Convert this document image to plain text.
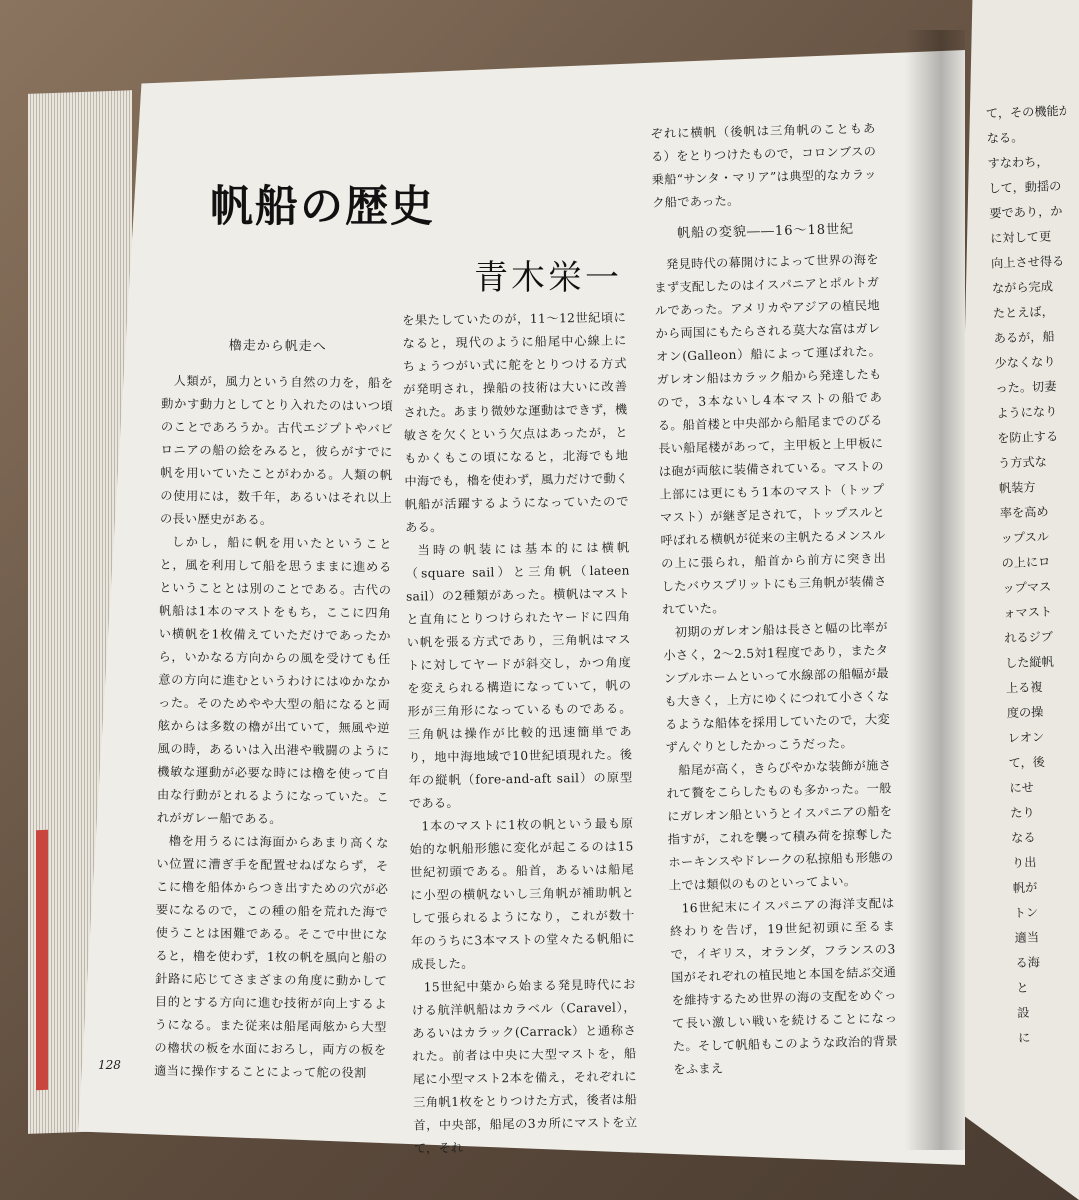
帆船の歴史
青木栄一
櫓走から帆走へ

人類が，風力という自然の力を，船を動かす動力としてとり入れたのはいつ頃のことであろうか。古代エジプトやバビロニアの船の絵をみると，彼らがすでに帆を用いていたことがわかる。人類の帆の使用には，数千年，あるいはそれ以上の長い歴史がある。

しかし，船に帆を用いたということと，風を利用して船を思うままに進めるということとは別のことである。古代の帆船は1本のマストをもち，ここに四角い横帆を1枚備えていただけであったから，いかなる方向からの風を受けても任意の方向に進むというわけにはゆかなかった。そのためやや大型の船になると両舷からは多数の櫓が出ていて，無風や逆風の時，あるいは入出港や戦闘のように機敏な運動が必要な時には櫓を使って自由な行動がとれるようになっていた。これがガレー船である。

櫓を用うるには海面からあまり高くない位置に漕ぎ手を配置せねばならず，そこに櫓を船体からつき出すための穴が必要になるので，この種の船を荒れた海で使うことは困難である。そこで中世になると，櫓を使わず，1枚の帆を風向と船の針路に応じてさまざまの角度に動かして目的とする方向に進む技術が向上するようになる。また従来は船尾両舷から大型の櫓状の板を水面におろし，両方の板を適当に操作することによって舵の役割

を果たしていたのが，11～12世紀頃になると，現代のように船尾中心線上にちょうつがい式に舵をとりつける方式が発明され，操船の技術は大いに改善された。あまり微妙な運動はできず，機敏さを欠くという欠点はあったが，ともかくもこの頃になると，北海でも地中海でも，櫓を使わず，風力だけで動く帆船が活躍するようになっていたのである。

当時の帆装には基本的には横帆（square sail）と三角帆（lateen sail）の2種類があった。横帆はマストと直角にとりつけられたヤードに四角い帆を張る方式であり，三角帆はマストに対してヤードが斜交し，かつ角度を変えられる構造になっていて，帆の形が三角形になっているものである。三角帆は操作が比較的迅速簡単であり，地中海地域で10世紀頃現れた。後年の縦帆（fore-and-aft sail）の原型である。

1本のマストに1枚の帆という最も原始的な帆船形態に変化が起こるのは15世紀初頭である。船首，あるいは船尾に小型の横帆ないし三角帆が補助帆として張られるようになり，これが数十年のうちに3本マストの堂々たる帆船に成長した。

15世紀中葉から始まる発見時代における航洋帆船はカラベル（Caravel），あるいはカラック(Carrack）と通称された。前者は中央に大型マストを，船尾に小型マスト2本を備え，それぞれに三角帆1枚をとりつけた方式，後者は船首，中央部，船尾の3カ所にマストを立て，それ

ぞれに横帆（後帆は三角帆のこともある）をとりつけたもので，コロンブスの乗船“サンタ・マリア”は典型的なカラック船であった。

帆船の変貌――16～18世紀

発見時代の幕開けによって世界の海をまず支配したのはイスパニアとポルトガルであった。アメリカやアジアの植民地から両国にもたらされる莫大な富はガレオン(Galleon）船によって運ばれた。ガレオン船はカラック船から発達したもので，3本ないし4本マストの船である。船首楼と中央部から船尾までのびる長い船尾楼があって，主甲板と上甲板には砲が両舷に装備されている。マストの上部には更にもう1本のマスト（トップマスト）が継ぎ足されて，トップスルと呼ばれる横帆が従来の主帆たるメンスルの上に張られ，船首から前方に突き出したバウスプリットにも三角帆が装備されていた。

初期のガレオン船は長さと幅の比率が小さく，2～2.5対1程度であり，またタンブルホームといって水線部の船幅が最も大きく，上方にゆくにつれて小さくなるような船体を採用していたので，大変ずんぐりとしたかっこうだった。

船尾が高く，きらびやかな装飾が施されて贅をこらしたものも多かった。一般にガレオン船というとイスパニアの船を指すが，これを襲って積み荷を掠奪したホーキンスやドレークの私掠船も形態の上では類似のものといってよい。

16世紀末にイスパニアの海洋支配は終わりを告げ，19世紀初頭に至るまで，イギリス，オランダ，フランスの3国がそれぞれの植民地と本国を結ぶ交通を維持するため世界の海の支配をめぐって長い激しい戦いを続けることになった。そして帆船もこのような政治的背景をふまえ

て，その機能が
なる。
すなわち，
して，動揺の
要であり，か
に対して更
向上させ得る
ながら完成
たとえば，
あるが，船
少なくなり
った。切妻
ようになり
を防止する
う方式な
帆装方
率を高め
ップスル
の上にロ
ップマス
ォマスト
れるジブ
した縦帆
上る複
度の操
レオン
て，後
にせ
たり
なる
り出
帆が
トン
適当
る海
と
設
に
128
